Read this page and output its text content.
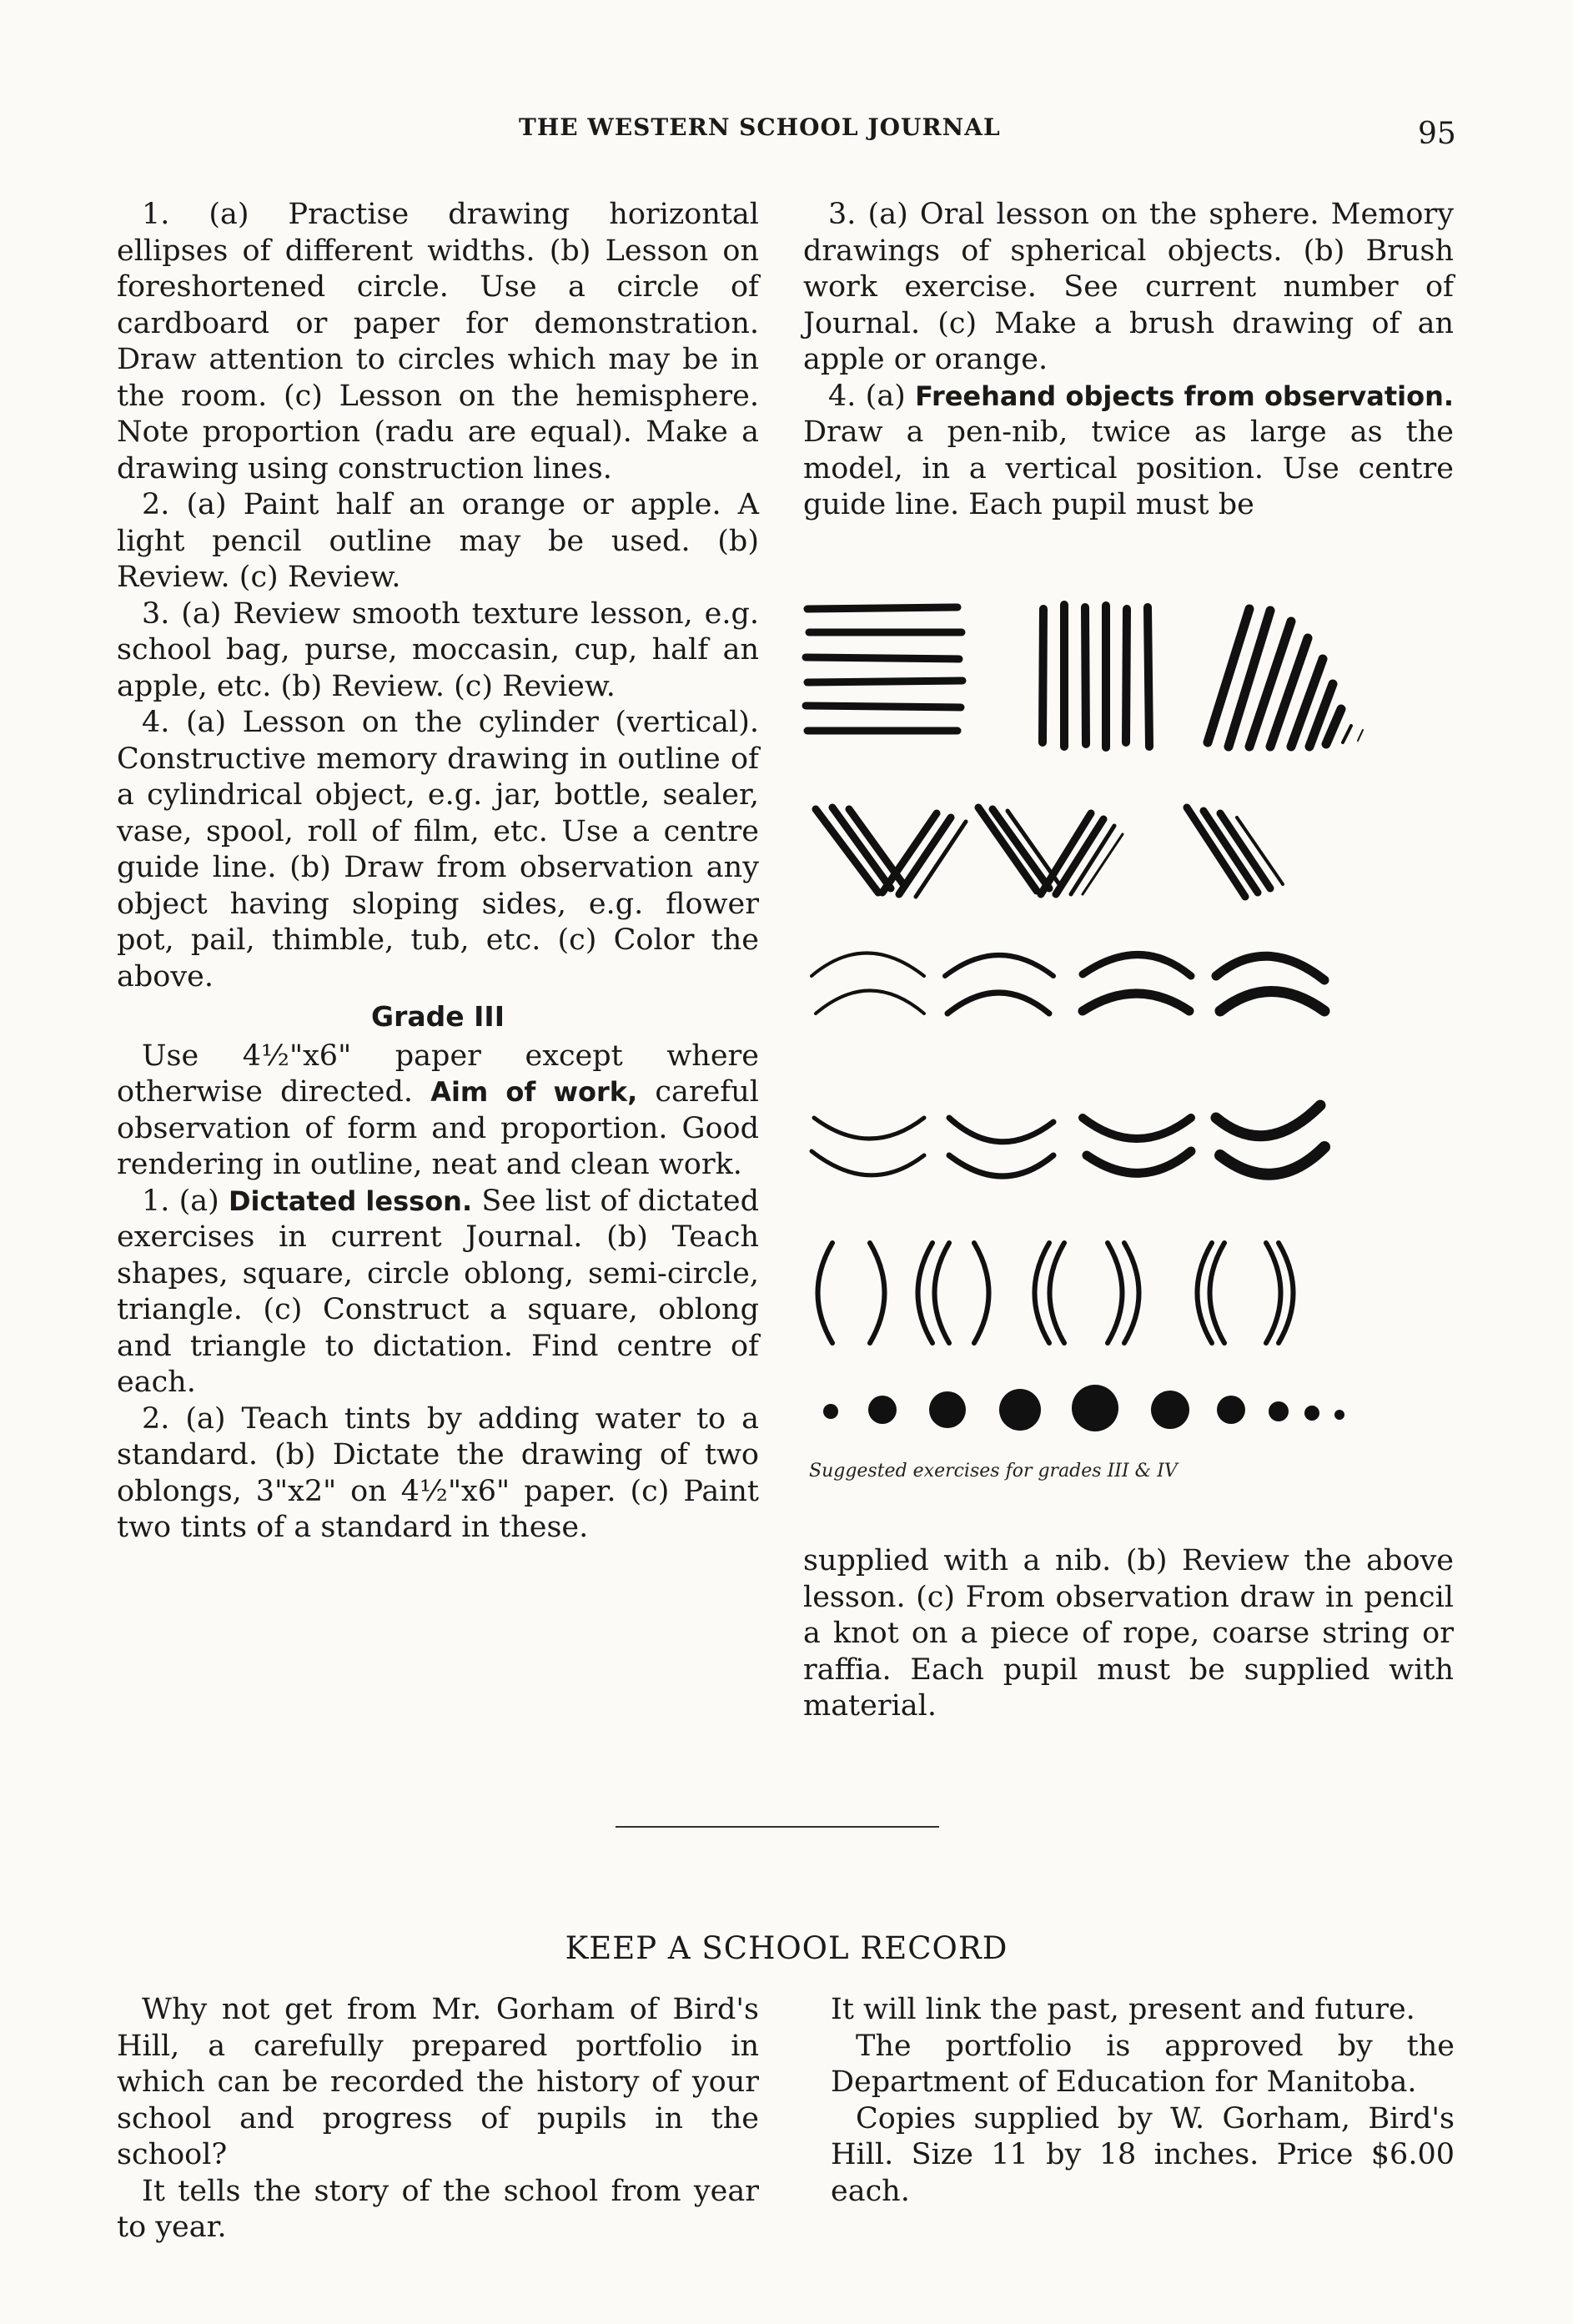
THE WESTERN SCHOOL JOURNAL	95

1. (a) Practise drawing horizontal ellipses of different widths. (b) Lesson on foreshortened circle. Use a circle of cardboard or paper for demonstration. Draw attention to circles which may be in the room. (c) Lesson on the hemisphere. Note proportion (radu are equal). Make a drawing using construction lines.

2. (a) Paint half an orange or apple. A light pencil outline may be used. (b) Review. (c) Review.

3. (a) Review smooth texture lesson, e.g. school bag, purse, moccasin, cup, half an apple, etc. (b) Review. (c) Review.

4. (a) Lesson on the cylinder (vertical). Constructive memory drawing in outline of a cylindrical object, e.g. jar, bottle, sealer, vase, spool, roll of film, etc. Use a centre guide line. (b) Draw from observation any object having sloping sides, e.g. flower pot, pail, thimble, tub, etc. (c) Color the above.

Grade III

Use 4½"x6" paper except where otherwise directed. Aim of work, careful observation of form and proportion. Good rendering in outline, neat and clean work.

1. (a) Dictated lesson. See list of dictated exercises in current Journal. (b) Teach shapes, square, circle oblong, semi-circle, triangle. (c) Construct a square, oblong and triangle to dictation. Find centre of each.

2. (a) Teach tints by adding water to a standard. (b) Dictate the drawing of two oblongs, 3"x2" on 4½"x6" paper. (c) Paint two tints of a standard in these.

3. (a) Oral lesson on the sphere. Memory drawings of spherical objects. (b) Brush work exercise. See current number of Journal. (c) Make a brush drawing of an apple or orange.

4. (a) Freehand objects from observation. Draw a pen-nib, twice as large as the model, in a vertical position. Use centre guide line. Each pupil must be

Suggested exercises for grades III & IV

supplied with a nib. (b) Review the above lesson. (c) From observation draw in pencil a knot on a piece of rope, coarse string or raffia. Each pupil must be supplied with material.

KEEP A SCHOOL RECORD

Why not get from Mr. Gorham of Bird's Hill, a carefully prepared portfolio in which can be recorded the history of your school and progress of pupils in the school?

It tells the story of the school from year to year.

It will link the past, present and future.

The portfolio is approved by the Department of Education for Manitoba.

Copies supplied by W. Gorham, Bird's Hill. Size 11 by 18 inches. Price $6.00 each.
